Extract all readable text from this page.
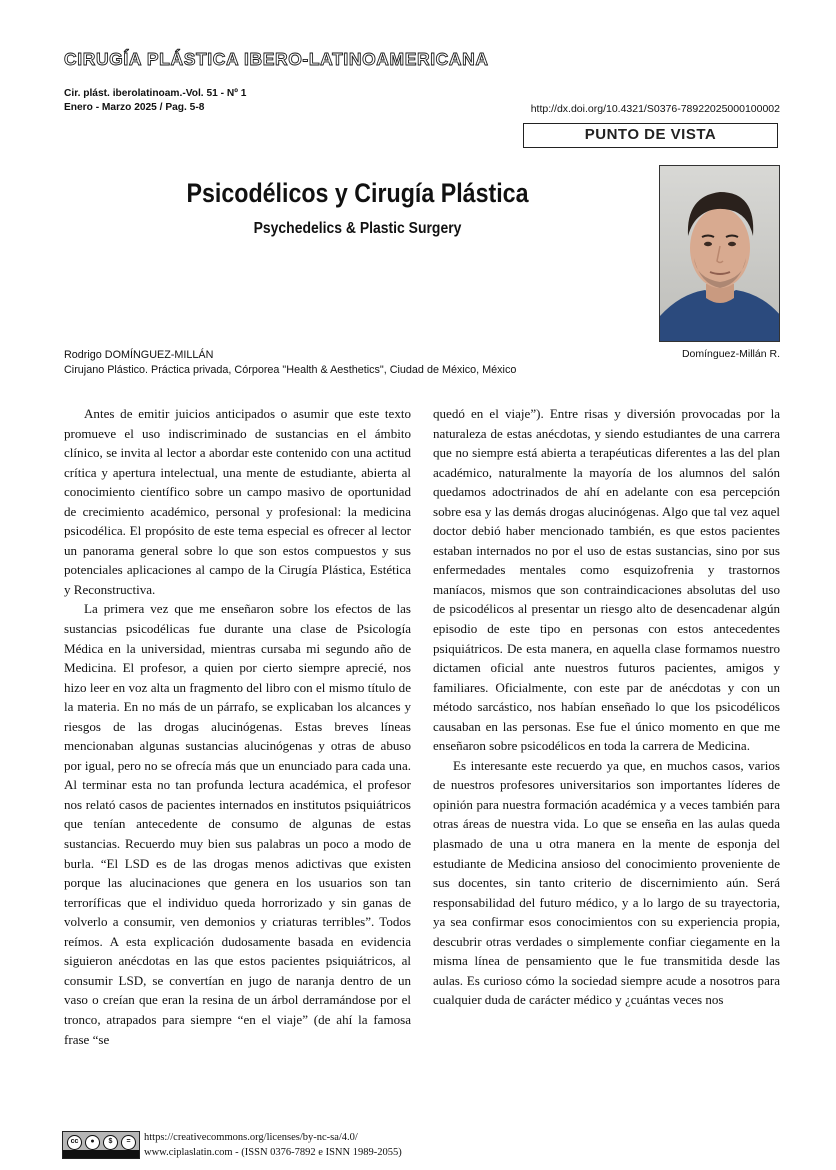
CIRUGÍA PLÁSTICA IBERO-LATINOAMERICANA
Cir. plást. iberolatinoam.-Vol. 51 - Nº 1
Enero - Marzo 2025 / Pag. 5-8	http://dx.doi.org/10.4321/S0376-78922025000100002
PUNTO DE VISTA
Psicodélicos y Cirugía Plástica
Psychedelics & Plastic Surgery
Domínguez-Millán R.
Rodrigo DOMÍNGUEZ-MILLÁN
Cirujano Plástico. Práctica privada, Córporea "Health & Aesthetics", Ciudad de México, México

Antes de emitir juicios anticipados o asumir que este texto promueve el uso indiscriminado de sustancias en el ámbito clínico, se invita al lector a abordar este contenido con una actitud crítica y apertura intelectual, una mente de estudiante, abierta al conocimiento científico sobre un campo masivo de oportunidad de crecimiento académico, personal y profesional: la medicina psicodélica. El propósito de este tema especial es ofrecer al lector un panorama general sobre lo que son estos compuestos y sus potenciales aplicaciones al campo de la Cirugía Plástica, Estética y Reconstructiva.

La primera vez que me enseñaron sobre los efectos de las sustancias psicodélicas fue durante una clase de Psicología Médica en la universidad, mientras cursaba mi segundo año de Medicina. El profesor, a quien por cierto siempre aprecié, nos hizo leer en voz alta un fragmento del libro con el mismo título de la materia. En no más de un párrafo, se explicaban los alcances y riesgos de las drogas alucinógenas. Estas breves líneas mencionaban algunas sustancias alucinógenas y otras de abuso por igual, pero no se ofrecía más que un enunciado para cada una. Al terminar esta no tan profunda lectura académica, el profesor nos relató casos de pacientes internados en institutos psiquiátricos que tenían antecedente de consumo de algunas de estas sustancias. Recuerdo muy bien sus palabras un poco a modo de burla. “El LSD es de las drogas menos adictivas que existen porque las alucinaciones que genera en los usuarios son tan terroríficas que el individuo queda horrorizado y sin ganas de volverlo a consumir, ven demonios y criaturas terribles”. Todos reímos. A esta explicación dudosamente basada en evidencia siguieron anécdotas en las que estos pacientes psiquiátricos, al consumir LSD, se convertían en jugo de naranja dentro de un vaso o creían que eran la resina de un árbol derramándose por el tronco, atrapados para siempre “en el viaje” (de ahí la famosa frase “se

quedó en el viaje”). Entre risas y diversión provocadas por la naturaleza de estas anécdotas, y siendo estudiantes de una carrera que no siempre está abierta a terapéuticas diferentes a las del plan académico, naturalmente la mayoría de los alumnos del salón quedamos adoctrinados de ahí en adelante con esa percepción sobre esa y las demás drogas alucinógenas. Algo que tal vez aquel doctor debió haber mencionado también, es que estos pacientes estaban internados no por el uso de estas sustancias, sino por sus enfermedades mentales como esquizofrenia y trastornos maníacos, mismos que son contraindicaciones absolutas del uso de psicodélicos al presentar un riesgo alto de desencadenar algún episodio de este tipo en personas con estos antecedentes psiquiátricos. De esta manera, en aquella clase formamos nuestro dictamen oficial ante nuestros futuros pacientes, amigos y familiares. Oficialmente, con este par de anécdotas y con un método sarcástico, nos habían enseñado lo que los psicodélicos causaban en las personas. Ese fue el único momento en que me enseñaron sobre psicodélicos en toda la carrera de Medicina.

Es interesante este recuerdo ya que, en muchos casos, varios de nuestros profesores universitarios son importantes líderes de opinión para nuestra formación académica y a veces también para otras áreas de nuestra vida. Lo que se enseña en las aulas queda plasmado de una u otra manera en la mente de esponja del estudiante de Medicina ansioso del conocimiento proveniente de sus docentes, sin tanto criterio de discernimiento aún. Será responsabilidad del futuro médico, y a lo largo de su trayectoria, ya sea confirmar esos conocimientos con su experiencia propia, descubrir otras verdades o simplemente confiar ciegamente en la misma línea de pensamiento que le fue transmitida desde las aulas. Es curioso cómo la sociedad siempre acude a nosotros para cualquier duda de carácter médico y ¿cuántas veces nos

cc	●	$	=	https://creativecommons.org/licenses/by-nc-sa/4.0/
www.ciplaslatin.com - (ISSN 0376-7892 e ISNN 1989-2055)
